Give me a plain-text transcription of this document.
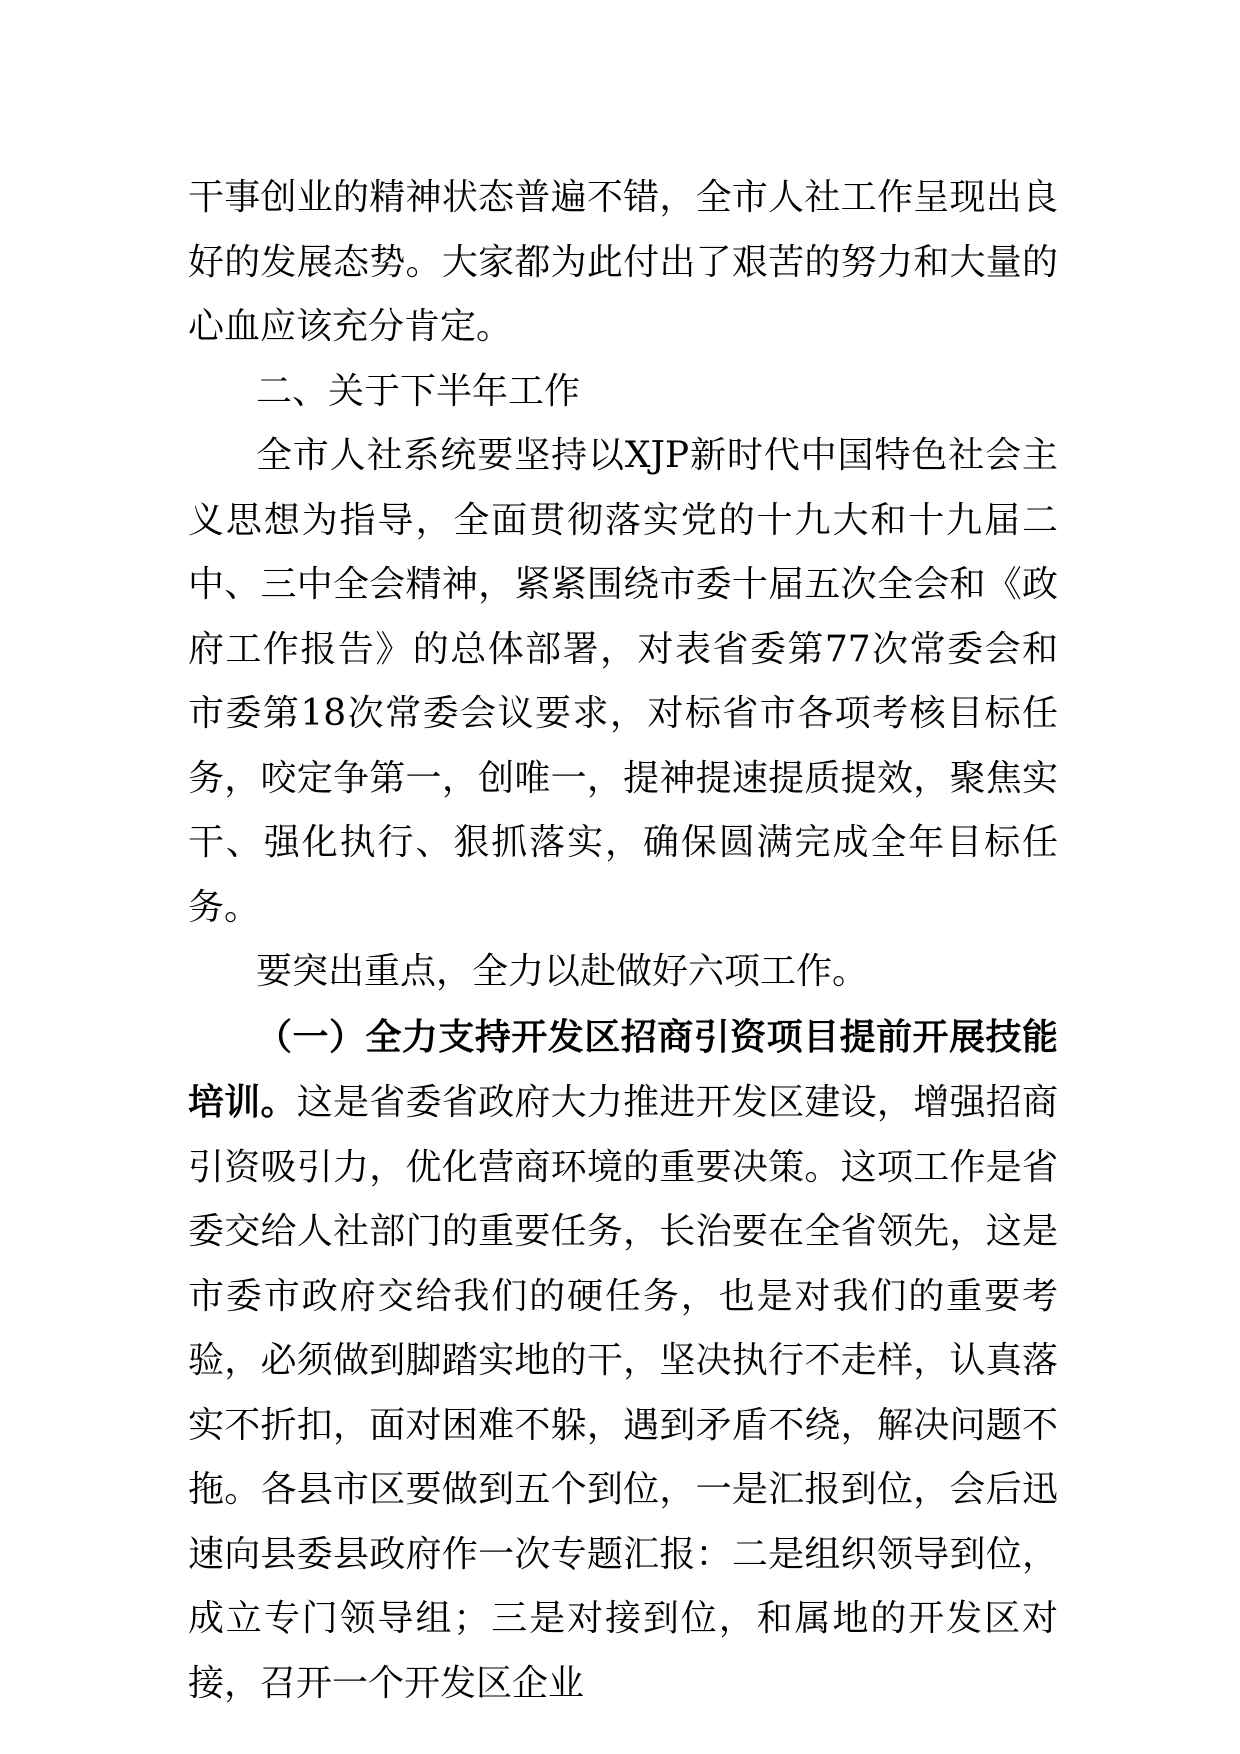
干事创业的精神状态普遍不错，全市人社工作呈现出良好的发展态势。大家都为此付出了艰苦的努力和大量的心血应该充分肯定。

二、关于下半年工作

全市人社系统要坚持以XJP新时代中国特色社会主义思想为指导，全面贯彻落实党的十九大和十九届二中、三中全会精神，紧紧围绕市委十届五次全会和《政府工作报告》的总体部署，对表省委第77次常委会和市委第18次常委会议要求，对标省市各项考核目标任务，咬定争第一，创唯一，提神提速提质提效，聚焦实干、强化执行、狠抓落实，确保圆满完成全年目标任务。

要突出重点，全力以赴做好六项工作。

（一）全力支持开发区招商引资项目提前开展技能培训。这是省委省政府大力推进开发区建设，增强招商引资吸引力，优化营商环境的重要决策。这项工作是省委交给人社部门的重要任务，长治要在全省领先，这是市委市政府交给我们的硬任务，也是对我们的重要考验，必须做到脚踏实地的干，坚决执行不走样，认真落实不折扣，面对困难不躲，遇到矛盾不绕，解决问题不拖。各县市区要做到五个到位，一是汇报到位，会后迅速向县委县政府作一次专题汇报：二是组织领导到位，成立专门领导组；三是对接到位，和属地的开发区对接，召开一个开发区企业
